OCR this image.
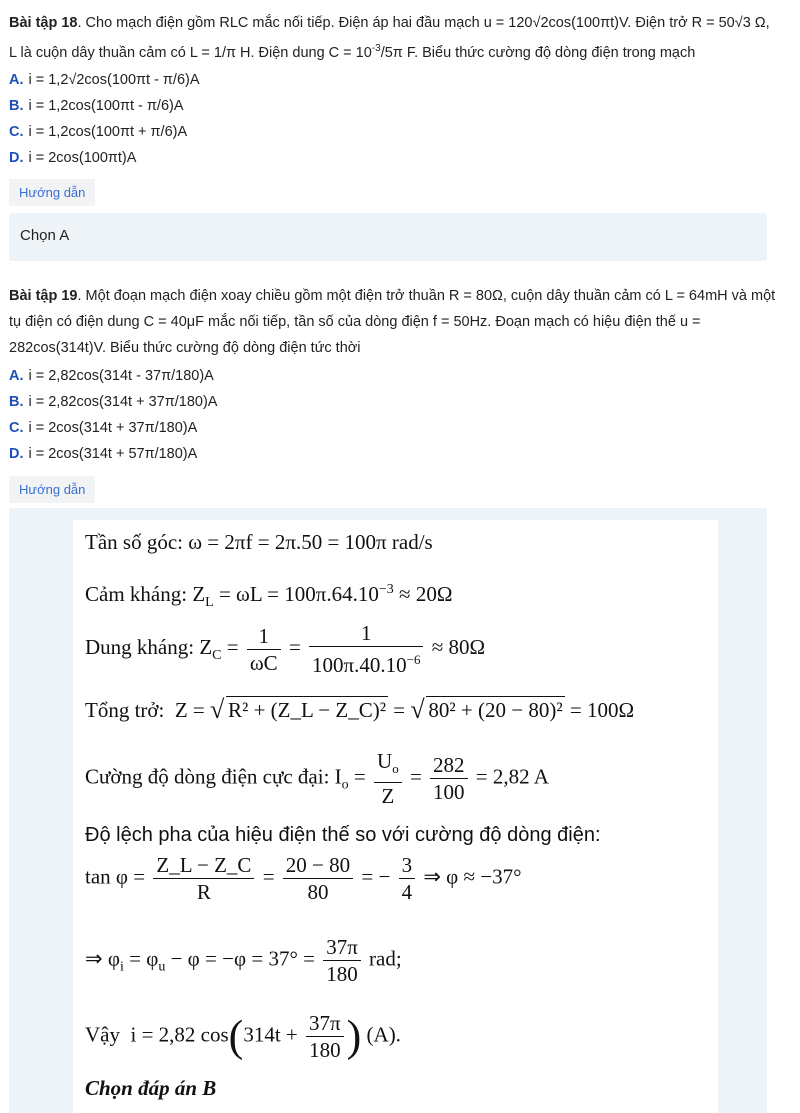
Bài tập 18. Cho mạch điện gồm RLC mắc nối tiếp. Điện áp hai đầu mạch u = 120√2cos(100πt)V. Điện trở R = 50√3 Ω, L là cuộn dây thuần cảm có L = 1/π H. Điện dung $C = 10^{-3}/5\pi$ F. Biểu thức cường độ dòng điện trong mạch

A. i = 1,2√2cos(100πt - π/6)A
B. i = 1,2cos(100πt - π/6)A
C. i = 1,2cos(100πt + π/6)A
D. i = 2cos(100πt)A
Hướng dẫn
Chọn A

Bài tập 19. Một đoạn mạch điện xoay chiều gồm một điện trở thuần R = 80Ω, cuộn dây thuần cảm có L = 64mH và một tụ điện có điện dung C = 40μF mắc nối tiếp, tần số của dòng điện f = 50Hz. Đoạn mạch có hiệu điện thế u = 282cos(314t)V. Biểu thức cường độ dòng điện tức thời

A. i = 2,82cos(314t - 37π/180)A
B. i = 2,82cos(314t + 37π/180)A
C. i = 2cos(314t + 37π/180)A
D. i = 2cos(314t + 57π/180)A
Hướng dẫn
Tần số góc: ω = 2πf = 2π.50 = 100π rad/s
Cảm kháng: $Z_L = \omega L = 100\pi.64.10^{-3} \approx 20\Omega$
Dung kháng: $Z_C = \frac{1}{\omega C} = \frac{1}{100\pi.40.10^{-6}} \approx 80\Omega$
Tổng trở: Z = √ R² + (Z_L − Z_C)² = √ 80² + (20 − 80)² = 100Ω
Cường độ dòng điện cực đại: $I_o = \frac{U_o}{Z} = \frac{282}{100} = 2,82$ A
Độ lệch pha của hiệu điện thế so với cường độ dòng điện:
$\tan \varphi = \frac{Z\_L - Z\_C}{R} = \frac{20 - 80}{80}$ = − $\frac{3}{4}$ ⇒ φ ≈ −37°
⇒ $\varphi_i = \varphi_u - \varphi = -\varphi = 37^\circ = \frac{37\pi}{180}$ rad;
Vậy i = 2,82 $\cos(314t + \frac{37\pi}{180}$ ) (A).
Chọn đáp án B
